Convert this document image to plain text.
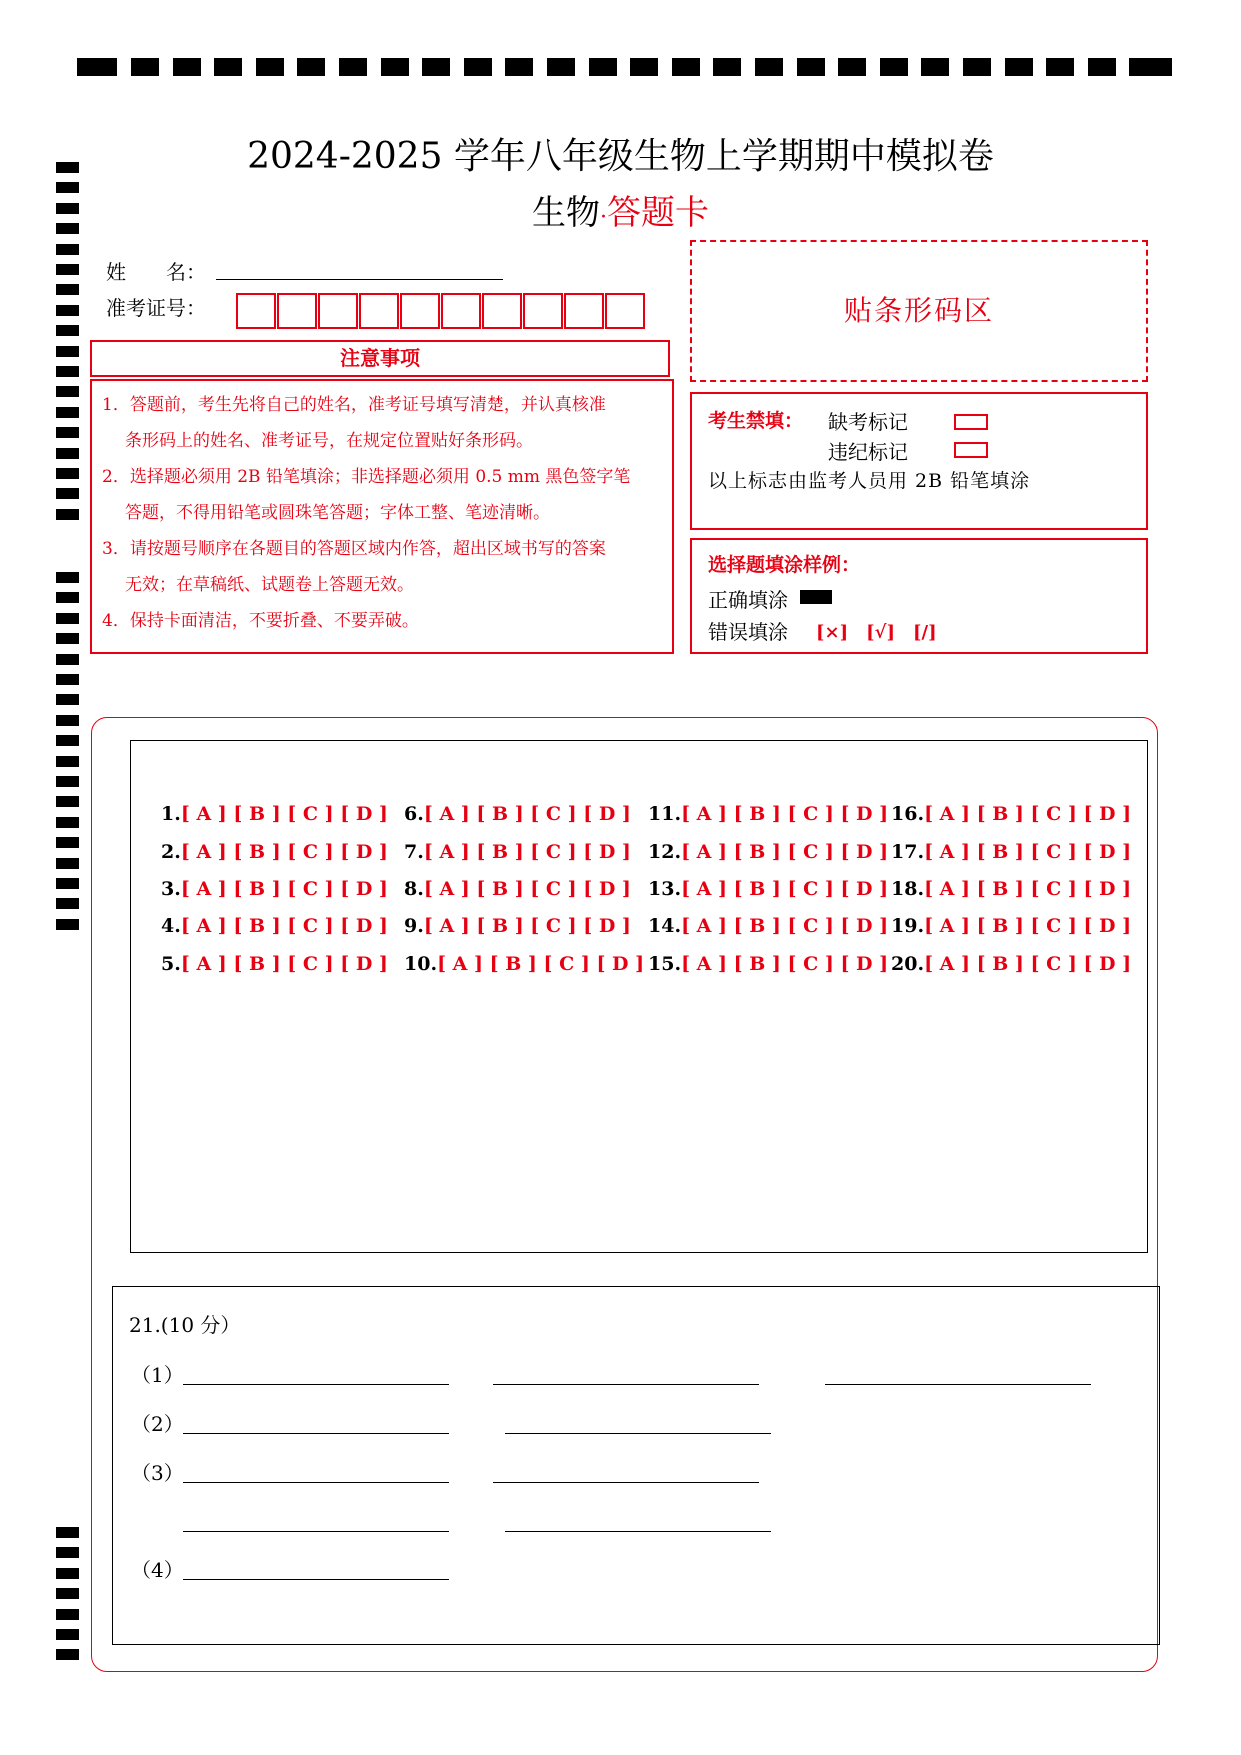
2024-2025 学年八年级生物上学期期中模拟卷
生物·答题卡
姓　　名：
准考证号：
注意事项
1．答题前，考生先将自己的姓名，准考证号填写清楚，并认真核准
条形码上的姓名、准考证号，在规定位置贴好条形码。
2．选择题必须用 2B 铅笔填涂；非选择题必须用 0.5 mm 黑色签字笔
答题，不得用铅笔或圆珠笔答题；字体工整、笔迹清晰。
3．请按题号顺序在各题目的答题区域内作答，超出区域书写的答案
无效；在草稿纸、试题卷上答题无效。
4．保持卡面清洁，不要折叠、不要弄破。
贴条形码区
考生禁填： 缺考标记
违纪标记
以上标志由监考人员用 2B 铅笔填涂
选择题填涂样例：
正确填涂
错误填涂 [×]　[√]　[/]
1.[ A ] [ B ] [ C ] [ D ]
2.[ A ] [ B ] [ C ] [ D ]
3.[ A ] [ B ] [ C ] [ D ]
4.[ A ] [ B ] [ C ] [ D ]
5.[ A ] [ B ] [ C ] [ D ]
6.[ A ] [ B ] [ C ] [ D ]
7.[ A ] [ B ] [ C ] [ D ]
8.[ A ] [ B ] [ C ] [ D ]
9.[ A ] [ B ] [ C ] [ D ]
10.[ A ] [ B ] [ C ] [ D ]
11.[ A ] [ B ] [ C ] [ D ]
12.[ A ] [ B ] [ C ] [ D ]
13.[ A ] [ B ] [ C ] [ D ]
14.[ A ] [ B ] [ C ] [ D ]
15.[ A ] [ B ] [ C ] [ D ]
16.[ A ] [ B ] [ C ] [ D ]
17.[ A ] [ B ] [ C ] [ D ]
18.[ A ] [ B ] [ C ] [ D ]
19.[ A ] [ B ] [ C ] [ D ]
20.[ A ] [ B ] [ C ] [ D ]
21.(10 分）
（1）
（2）
（3）
（4）
